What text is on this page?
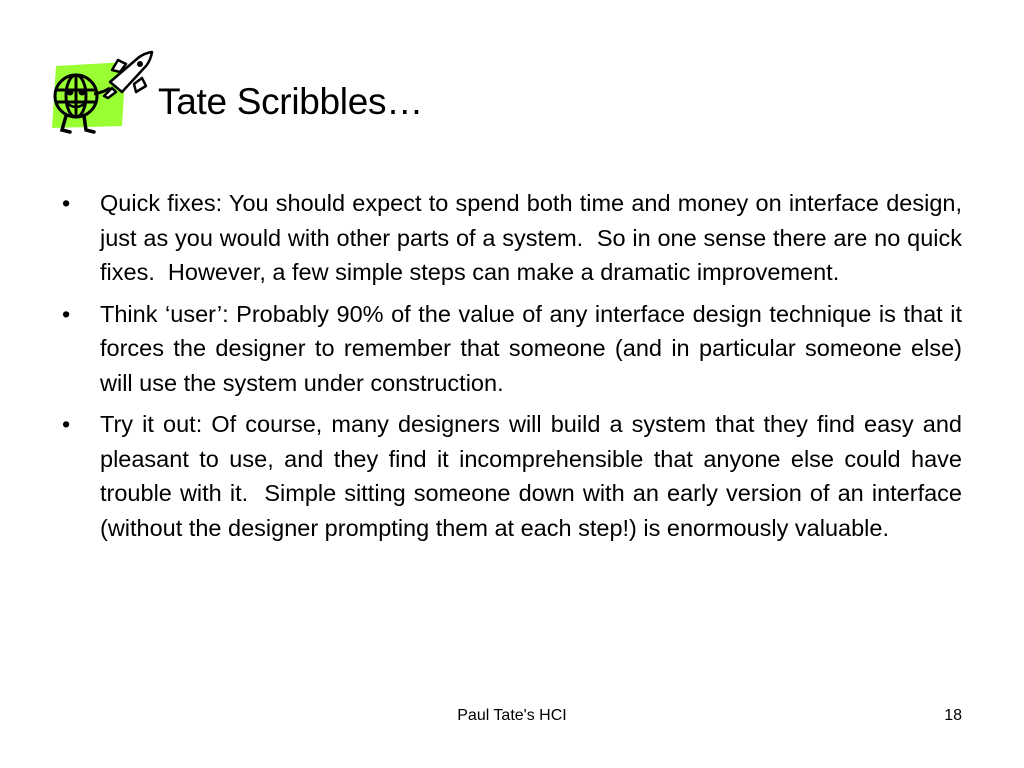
Tate Scribbles…
•	Quick fixes: You should expect to spend both time and money on interface design, just as you would with other parts of a system.  So in one sense there are no quick fixes.  However, a few simple steps can make a dramatic improvement.
•	Think ‘user’: Probably 90% of the value of any interface design technique is that it forces the designer to remember that someone (and in particular someone else) will use the system under construction.
•	Try it out: Of course, many designers will build a system that they find easy and pleasant to use, and they find it incomprehensible that anyone else could have trouble with it.  Simple sitting someone down with an early version of an interface (without the designer prompting them at each step!) is enormously valuable.
Paul Tate's HCI	18
